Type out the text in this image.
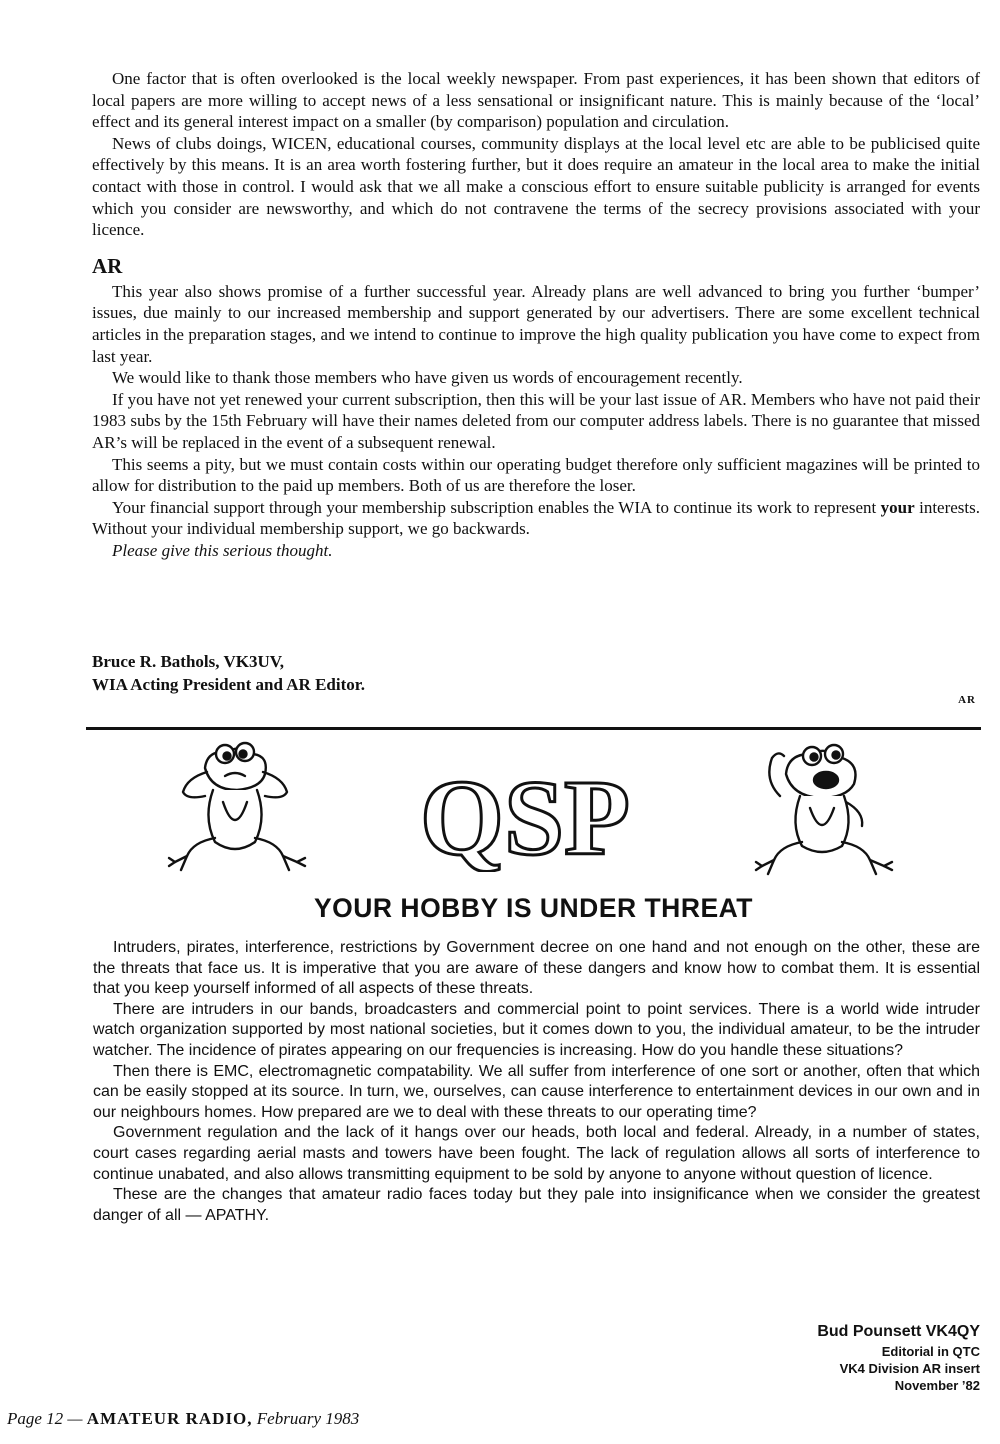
One factor that is often overlooked is the local weekly newspaper. From past experiences, it has been shown that editors of local papers are more willing to accept news of a less sensational or insignificant nature. This is mainly because of the ‘local’ effect and its general interest impact on a smaller (by comparison) population and circulation.

News of clubs doings, WICEN, educational courses, community displays at the local level etc are able to be publicised quite effectively by this means. It is an area worth fostering further, but it does require an amateur in the local area to make the initial contact with those in control. I would ask that we all make a conscious effort to ensure suitable publicity is arranged for events which you consider are newsworthy, and which do not contravene the terms of the secrecy provisions associated with your licence.

AR

This year also shows promise of a further successful year. Already plans are well advanced to bring you further ‘bumper’ issues, due mainly to our increased membership and support generated by our advertisers. There are some excellent technical articles in the preparation stages, and we intend to continue to improve the high quality publication you have come to expect from last year.

We would like to thank those members who have given us words of encouragement recently.

If you have not yet renewed your current subscription, then this will be your last issue of AR. Members who have not paid their 1983 subs by the 15th February will have their names deleted from our computer address labels. There is no guarantee that missed AR’s will be replaced in the event of a subsequent renewal.

This seems a pity, but we must contain costs within our operating budget therefore only sufficient magazines will be printed to allow for distribution to the paid up members. Both of us are therefore the loser.

Your financial support through your membership subscription enables the WIA to continue its work to represent your interests. Without your individual membership support, we go backwards.

Please give this serious thought.

Bruce R. Bathols, VK3UV,
WIA Acting President and AR Editor.
AR
QSP
YOUR HOBBY IS UNDER THREAT

Intruders, pirates, interference, restrictions by Government decree on one hand and not enough on the other, these are the threats that face us. It is imperative that you are aware of these dangers and know how to combat them. It is essential that you keep yourself informed of all aspects of these threats.

There are intruders in our bands, broadcasters and commercial point to point services. There is a world wide intruder watch organization supported by most national societies, but it comes down to you, the individual amateur, to be the intruder watcher. The incidence of pirates appearing on our frequencies is increasing. How do you handle these situations?

Then there is EMC, electromagnetic compatability. We all suffer from interference of one sort or another, often that which can be easily stopped at its source. In turn, we, ourselves, can cause interference to entertainment devices in our own and in our neighbours homes. How prepared are we to deal with these threats to our operating time?

Government regulation and the lack of it hangs over our heads, both local and federal. Already, in a number of states, court cases regarding aerial masts and towers have been fought. The lack of regulation allows all sorts of interference to continue unabated, and also allows transmitting equipment to be sold by anyone to anyone without question of licence.

These are the changes that amateur radio faces today but they pale into insignificance when we consider the greatest danger of all — APATHY.

Bud Pounsett VK4QY
Editorial in QTC
VK4 Division AR insert
November ’82
Page 12 — AMATEUR RADIO, February 1983
